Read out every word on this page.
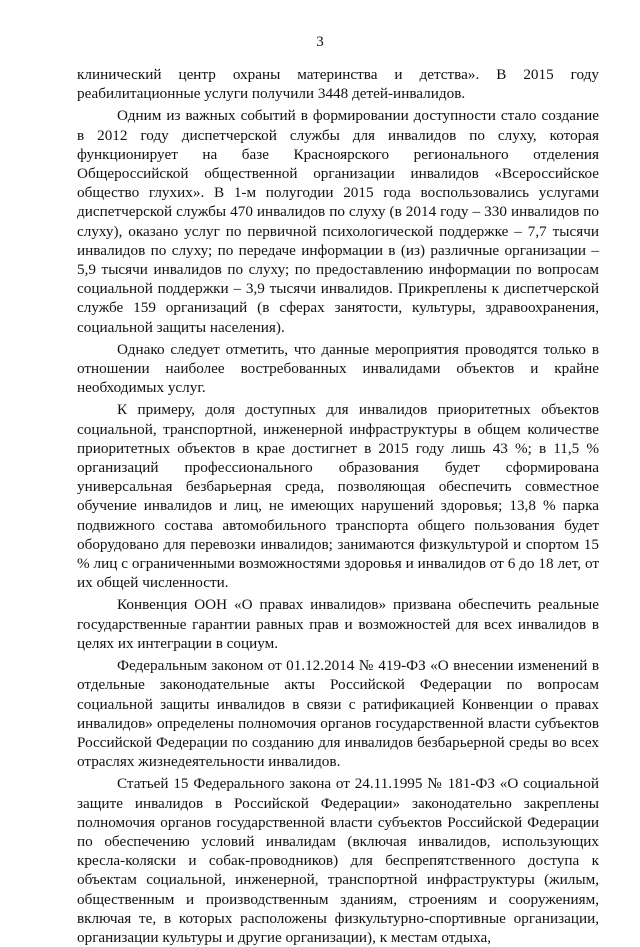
3

клинический центр охраны материнства и детства». В 2015 году реабилитационные услуги получили 3448 детей-инвалидов.

Одним из важных событий в формировании доступности стало создание в 2012 году диспетчерской службы для инвалидов по слуху, которая функционирует на базе Красноярского регионального отделения Общероссийской общественной организации инвалидов «Всероссийское общество глухих». В 1-м полугодии 2015 года воспользовались услугами диспетчерской службы 470 инвалидов по слуху (в 2014 году – 330 инвалидов по слуху), оказано услуг по первичной психологической поддержке – 7,7 тысячи инвалидов по слуху; по передаче информации в (из) различные организации – 5,9 тысячи инвалидов по слуху; по предоставлению информации по вопросам социальной поддержки – 3,9 тысячи инвалидов. Прикреплены к диспетчерской службе 159 организаций (в сферах занятости, культуры, здравоохранения, социальной защиты населения).

Однако следует отметить, что данные мероприятия проводятся только в отношении наиболее востребованных инвалидами объектов и крайне необходимых услуг.

К примеру, доля доступных для инвалидов приоритетных объектов социальной, транспортной, инженерной инфраструктуры в общем количестве приоритетных объектов в крае достигнет в 2015 году лишь 43 %; в 11,5 % организаций профессионального образования будет сформирована универсальная безбарьерная среда, позволяющая обеспечить совместное обучение инвалидов и лиц, не имеющих нарушений здоровья; 13,8 % парка подвижного состава автомобильного транспорта общего пользования будет оборудовано для перевозки инвалидов; занимаются физкультурой и спортом 15 % лиц с ограниченными возможностями здоровья и инвалидов от 6 до 18 лет, от их общей численности.

Конвенция ООН «О правах инвалидов» призвана обеспечить реальные государственные гарантии равных прав и возможностей для всех инвалидов в целях их интеграции в социум.

Федеральным законом от 01.12.2014 № 419-ФЗ «О внесении изменений в отдельные законодательные акты Российской Федерации по вопросам социальной защиты инвалидов в связи с ратификацией Конвенции о правах инвалидов» определены полномочия органов государственной власти субъектов Российской Федерации по созданию для инвалидов безбарьерной среды во всех отраслях жизнедеятельности инвалидов.

Статьей 15 Федерального закона от 24.11.1995 № 181-ФЗ «О социальной защите инвалидов в Российской Федерации» законодательно закреплены полномочия органов государственной власти субъектов Российской Федерации по обеспечению условий инвалидам (включая инвалидов, использующих кресла-коляски и собак-проводников) для беспрепятственного доступа к объектам социальной, инженерной, транспортной инфраструктуры (жилым, общественным и производственным зданиям, строениям и сооружениям, включая те, в которых расположены физкультурно-спортивные организации, организации культуры и другие организации), к местам отдыха,
